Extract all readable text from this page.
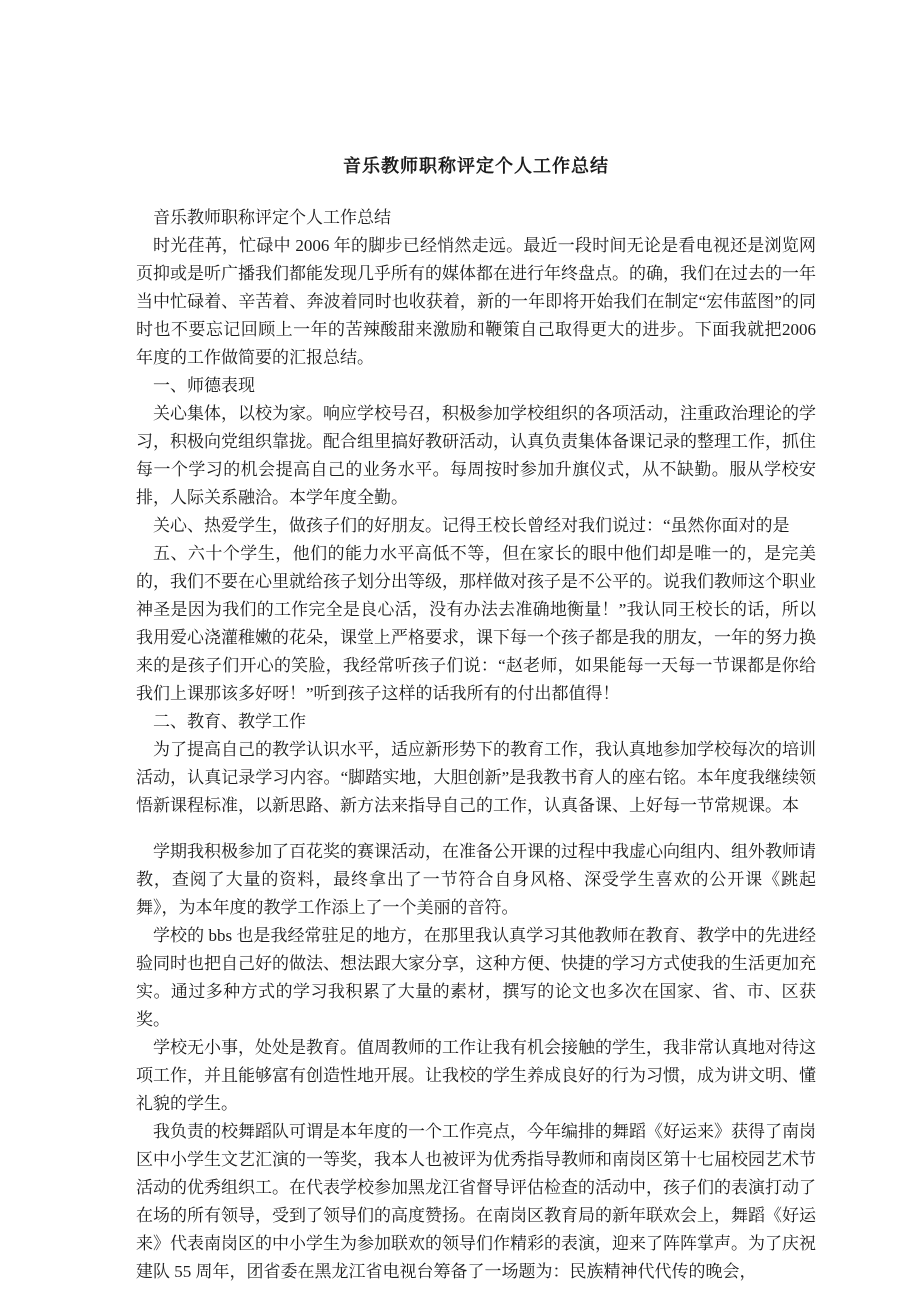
音乐教师职称评定个人工作总结

音乐教师职称评定个人工作总结

时光荏苒，忙碌中 2006 年的脚步已经悄然走远。最近一段时间无论是看电视还是浏览网页抑或是听广播我们都能发现几乎所有的媒体都在进行年终盘点。的确，我们在过去的一年当中忙碌着、辛苦着、奔波着同时也收获着，新的一年即将开始我们在制定“宏伟蓝图”的同时也不要忘记回顾上一年的苦辣酸甜来激励和鞭策自己取得更大的进步。下面我就把2006 年度的工作做简要的汇报总结。

一、师德表现

关心集体，以校为家。响应学校号召，积极参加学校组织的各项活动，注重政治理论的学习，积极向党组织靠拢。配合组里搞好教研活动，认真负责集体备课记录的整理工作，抓住每一个学习的机会提高自己的业务水平。每周按时参加升旗仪式，从不缺勤。服从学校安排，人际关系融洽。本学年度全勤。

关心、热爱学生，做孩子们的好朋友。记得王校长曾经对我们说过：“虽然你面对的是

五、六十个学生，他们的能力水平高低不等，但在家长的眼中他们却是唯一的，是完美的，我们不要在心里就给孩子划分出等级，那样做对孩子是不公平的。说我们教师这个职业神圣是因为我们的工作完全是良心活，没有办法去准确地衡量！”我认同王校长的话，所以我用爱心浇灌稚嫩的花朵，课堂上严格要求，课下每一个孩子都是我的朋友，一年的努力换来的是孩子们开心的笑脸，我经常听孩子们说：“赵老师，如果能每一天每一节课都是你给我们上课那该多好呀！”听到孩子这样的话我所有的付出都值得！

二、教育、教学工作

为了提高自己的教学认识水平，适应新形势下的教育工作，我认真地参加学校每次的培训活动，认真记录学习内容。“脚踏实地，大胆创新”是我教书育人的座右铭。本年度我继续领悟新课程标准，以新思路、新方法来指导自己的工作，认真备课、上好每一节常规课。本

学期我积极参加了百花奖的赛课活动，在准备公开课的过程中我虚心向组内、组外教师请教，查阅了大量的资料，最终拿出了一节符合自身风格、深受学生喜欢的公开课《跳起舞》，为本年度的教学工作添上了一个美丽的音符。

学校的 bbs 也是我经常驻足的地方，在那里我认真学习其他教师在教育、教学中的先进经验同时也把自己好的做法、想法跟大家分享，这种方便、快捷的学习方式使我的生活更加充实。通过多种方式的学习我积累了大量的素材，撰写的论文也多次在国家、省、市、区获奖。

学校无小事，处处是教育。值周教师的工作让我有机会接触的学生，我非常认真地对待这项工作，并且能够富有创造性地开展。让我校的学生养成良好的行为习惯，成为讲文明、懂礼貌的学生。

我负责的校舞蹈队可谓是本年度的一个工作亮点，今年编排的舞蹈《好运来》获得了南岗区中小学生文艺汇演的一等奖，我本人也被评为优秀指导教师和南岗区第十七届校园艺术节活动的优秀组织工。在代表学校参加黑龙江省督导评估检查的活动中，孩子们的表演打动了在场的所有领导，受到了领导们的高度赞扬。在南岗区教育局的新年联欢会上，舞蹈《好运来》代表南岗区的中小学生为参加联欢的领导们作精彩的表演，迎来了阵阵掌声。为了庆祝建队 55 周年，团省委在黑龙江省电视台筹备了一场题为：民族精神代代传的晚会，
